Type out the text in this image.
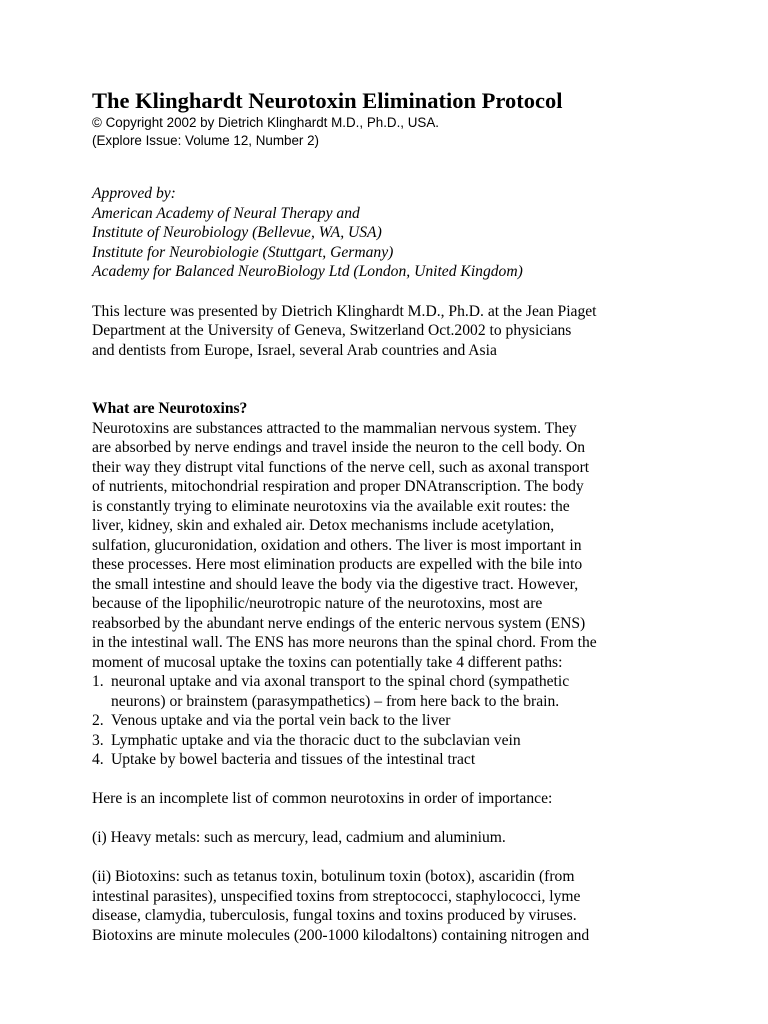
The Klinghardt Neurotoxin Elimination Protocol
© Copyright 2002 by Dietrich Klinghardt M.D., Ph.D., USA.
(Explore Issue: Volume 12, Number 2)
Approved by:
American Academy of Neural Therapy and
Institute of Neurobiology (Bellevue, WA, USA)
Institute for Neurobiologie (Stuttgart, Germany)
Academy for Balanced NeuroBiology Ltd (London, United Kingdom)
This lecture was presented by Dietrich Klinghardt M.D., Ph.D. at the Jean Piaget
Department at the University of Geneva, Switzerland Oct.2002 to physicians
and dentists from Europe, Israel, several Arab countries and Asia
What are Neurotoxins?
Neurotoxins are substances attracted to the mammalian nervous system. They
are absorbed by nerve endings and travel inside the neuron to the cell body. On
their way they distrupt vital functions of the nerve cell, such as axonal transport
of nutrients, mitochondrial respiration and proper DNAtranscription. The body
is constantly trying to eliminate neurotoxins via the available exit routes: the
liver, kidney, skin and exhaled air. Detox mechanisms include acetylation,
sulfation, glucuronidation, oxidation and others. The liver is most important in
these processes. Here most elimination products are expelled with the bile into
the small intestine and should leave the body via the digestive tract. However,
because of the lipophilic/neurotropic nature of the neurotoxins, most are
reabsorbed by the abundant nerve endings of the enteric nervous system (ENS)
in the intestinal wall. The ENS has more neurons than the spinal chord. From the
moment of mucosal uptake the toxins can potentially take 4 different paths:
1. neuronal uptake and via axonal transport to the spinal chord (sympathetic
neurons) or brainstem (parasympathetics) – from here back to the brain.
2. Venous uptake and via the portal vein back to the liver
3. Lymphatic uptake and via the thoracic duct to the subclavian vein
4. Uptake by bowel bacteria and tissues of the intestinal tract
Here is an incomplete list of common neurotoxins in order of importance:
(i) Heavy metals: such as mercury, lead, cadmium and aluminium.
(ii) Biotoxins: such as tetanus toxin, botulinum toxin (botox), ascaridin (from
intestinal parasites), unspecified toxins from streptococci, staphylococci, lyme
disease, clamydia, tuberculosis, fungal toxins and toxins produced by viruses.
Biotoxins are minute molecules (200-1000 kilodaltons) containing nitrogen and
